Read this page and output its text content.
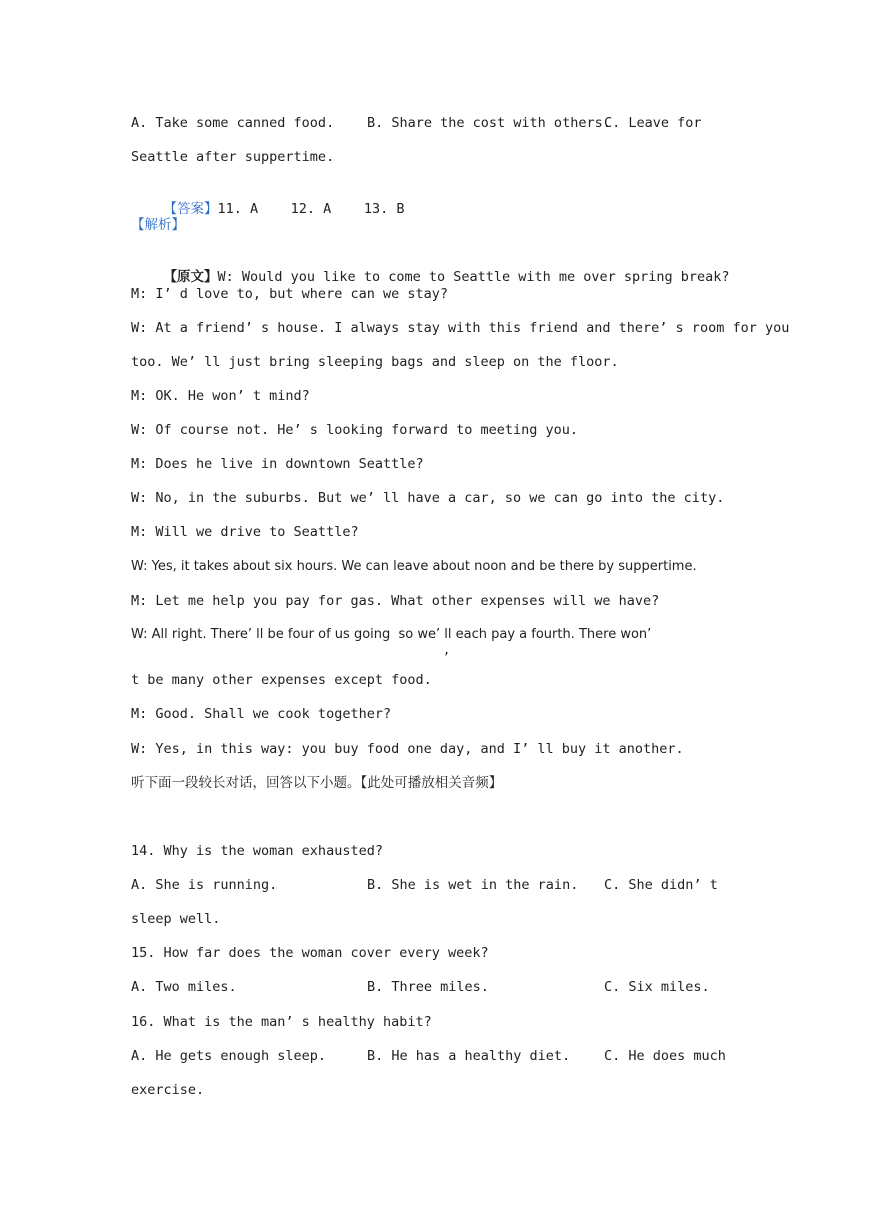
A. Take some canned food. B. Share the cost with others.
C. Leave for
Seattle after suppertime.

【答案】11. A    12. A    13. B

【解析】

【原文】W: Would you like to come to Seattle with me over spring break?

M: I’ d love to, but where can we stay?
W: At a friend’ s house. I always stay with this friend and there’ s room for you
too. We’ ll just bring sleeping bags and sleep on the floor.
M: OK. He won’ t mind?
W: Of course not. He’ s looking forward to meeting you.
M: Does he live in downtown Seattle?
W: No, in the suburbs. But we’ ll have a car, so we can go into the city.
M: Will we drive to Seattle?
W: Yes, it takes about six hours. We can leave about noon and be there by suppertime.
M: Let me help you pay for gas. What other expenses will we have?
W: All right. There’ ll be four of us going  so we’ ll each pay a fourth. There won’
,
t be many other expenses except food.
M: Good. Shall we cook together?
W: Yes, in this way: you buy food one day, and I’ ll buy it another.
听下面一段较长对话，回答以下小题。【此处可播放相关音频】
14. Why is the woman exhausted?
A. She is running.	B. She is wet in the rain. C. She didn’ t
sleep well.
15. How far does the woman cover every week?
A. Two miles.	B. Three miles.	C. Six miles.
16. What is the man’ s healthy habit?
A. He gets enough sleep.	B. He has a healthy diet.	C. He does much
exercise.
